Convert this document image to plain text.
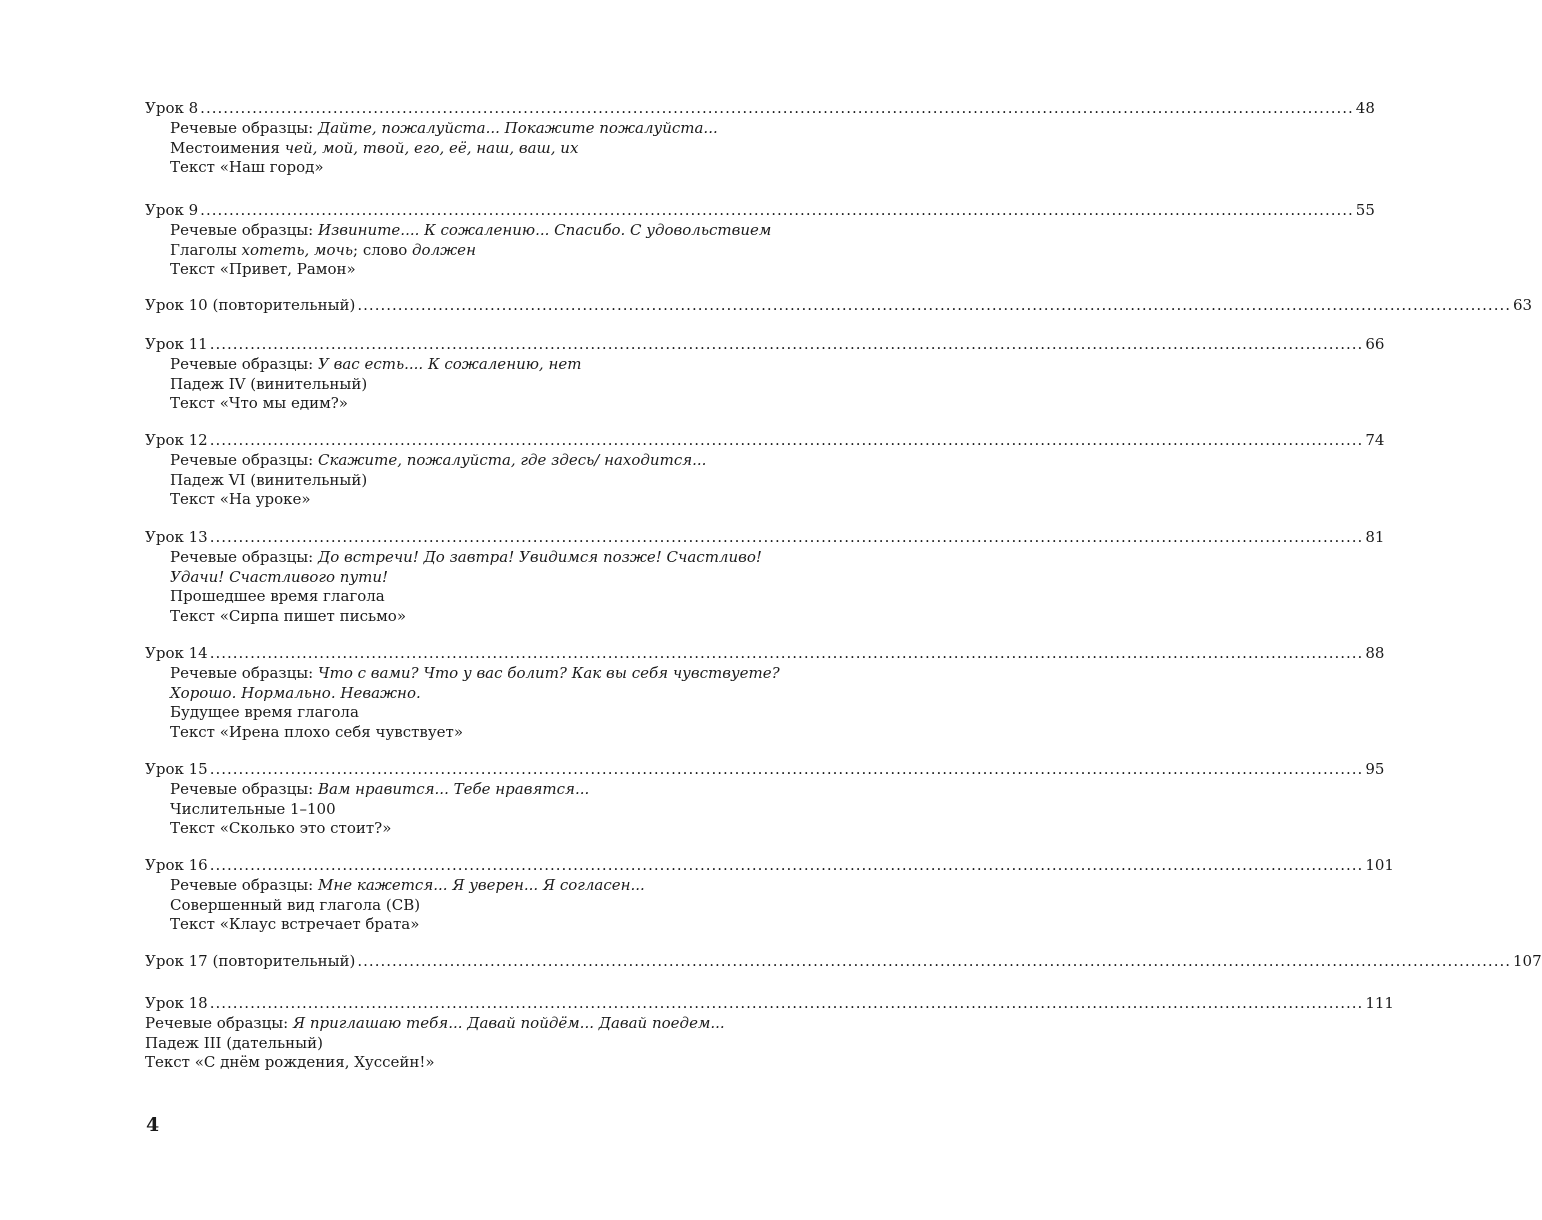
Урок 8 ........................................................................................................................................................................................................ 48
Речевые образцы: Дайте, пожалуйста... Покажите пожалуйста...
Местоимения чей, мой, твой, его, её, наш, ваш, их
Текст «Наш город»
Урок 9 ........................................................................................................................................................................................................ 55
Речевые образцы: Извините.... К сожалению... Спасибо. С удовольствием
Глаголы хотеть, мочь; слово должен
Текст «Привет, Рамон»
Урок 10 (повторительный) ........................................................................................................................................................................................................ 63
Урок 11 ........................................................................................................................................................................................................ 66
Речевые образцы: У вас есть.... К сожалению, нет
Падеж IV (винительный)
Текст «Что мы едим?»
Урок 12 ........................................................................................................................................................................................................ 74
Речевые образцы: Скажите, пожалуйста, где здесь/ находится...
Падеж VI (винительный)
Текст «На уроке»
Урок 13 ........................................................................................................................................................................................................ 81
Речевые образцы: До встречи! До завтра! Увидимся позже! Счастливо!
Удачи! Счастливого пути!
Прошедшее время глагола
Текст «Сирпа пишет письмо»
Урок 14 ........................................................................................................................................................................................................ 88
Речевые образцы: Что с вами? Что у вас болит? Как вы себя чувствуете?
Хорошо. Нормально. Неважно.
Будущее время глагола
Текст «Ирена плохо себя чувствует»
Урок 15 ........................................................................................................................................................................................................ 95
Речевые образцы: Вам нравится... Тебе нравятся...
Числительные 1–100
Текст «Сколько это стоит?»
Урок 16 ........................................................................................................................................................................................................ 101
Речевые образцы: Мне кажется... Я уверен... Я согласен...
Совершенный вид глагола (СВ)
Текст «Клаус встречает брата»
Урок 17 (повторительный) ........................................................................................................................................................................................................ 107
Урок 18 ........................................................................................................................................................................................................ 111
Речевые образцы: Я приглашаю тебя... Давай пойдём... Давай поедем...
Падеж III (дательный)
Текст «С днём рождения, Хуссейн!»
4
